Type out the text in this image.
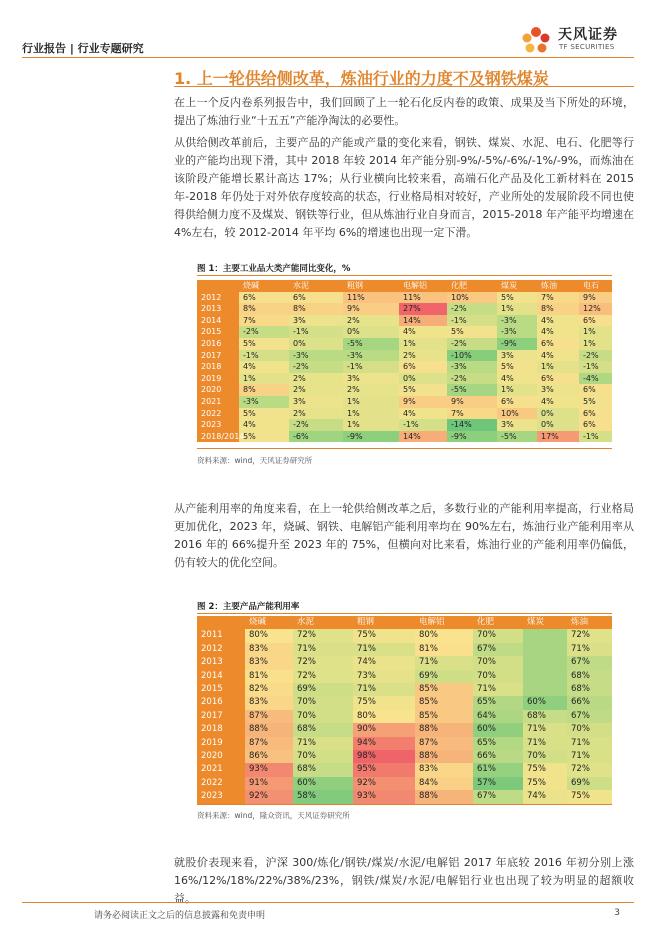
行业报告 | 行业专题研究
天风证券
TF SECURITIES
1. 上一轮供给侧改革，炼油行业的力度不及钢铁煤炭
在上一个反内卷系列报告中，我们回顾了上一轮石化反内卷的政策、成果及当下所处的环境，提出了炼油行业“十五五”产能净淘汰的必要性。
从供给侧改革前后，主要产品的产能或产量的变化来看，钢铁、煤炭、水泥、电石、化肥等行业的产能均出现下滑，其中 2018 年较 2014 年产能分别-9%/-5%/-6%/-1%/-9%，而炼油在该阶段产能增长累计高达 17%；从行业横向比较来看，高端石化产品及化工新材料在 2015 年-2018 年仍处于对外依存度较高的状态，行业格局相对较好，产业所处的发展阶段不同也使得供给侧力度不及煤炭、钢铁等行业，但从炼油行业自身而言，2015-2018 年产能平均增速在 4%左右，较 2012-2014 年平均 6%的增速也出现一定下滑。
图 1：主要工业品大类产能同比变化，%
	烧碱	水泥	粗钢	电解铝	化肥	煤炭	炼油	电石
2012	6%	6%	11%	11%	10%	5%	7%	9%
2013	8%	8%	9%	27%	-2%	1%	8%	12%
2014	7%	3%	2%	14%	-1%	-3%	4%	6%
2015	-2%	-1%	0%	4%	5%	-3%	4%	1%
2016	5%	0%	-5%	1%	-2%	-9%	6%	1%
2017	-1%	-3%	-3%	2%	-10%	3%	4%	-2%
2018	4%	-2%	-1%	6%	-3%	5%	1%	-1%
2019	1%	2%	3%	0%	-2%	4%	6%	-4%
2020	8%	2%	2%	5%	-5%	1%	3%	6%
2021	-3%	3%	1%	9%	9%	6%	4%	5%
2022	5%	2%	1%	4%	7%	10%	0%	6%
2023	4%	-2%	1%	-1%	-14%	3%	0%	6%
2018/2014	5%	-6%	-9%	14%	-9%	-5%	17%	-1%
资料来源：wind，天风证券研究所
从产能利用率的角度来看，在上一轮供给侧改革之后，多数行业的产能利用率提高，行业格局更加优化，2023 年，烧碱、钢铁、电解铝产能利用率均在 90%左右，炼油行业产能利用率从 2016 年的 66%提升至 2023 年的 75%，但横向对比来看，炼油行业的产能利用率仍偏低，仍有较大的优化空间。
图 2：主要产品产能利用率
	烧碱	水泥	粗钢	电解铝	化肥	煤炭	炼油
2011	80%	72%	75%	80%	70%		72%
2012	83%	71%	71%	81%	67%		71%
2013	83%	72%	74%	71%	70%		67%
2014	81%	72%	73%	69%	70%		68%
2015	82%	69%	71%	85%	71%		68%
2016	83%	70%	75%	85%	65%	60%	66%
2017	87%	70%	80%	85%	64%	68%	67%
2018	88%	68%	90%	88%	60%	71%	70%
2019	87%	71%	94%	87%	65%	71%	71%
2020	86%	70%	98%	88%	66%	70%	71%
2021	93%	68%	95%	83%	61%	75%	72%
2022	91%	60%	92%	84%	57%	75%	69%
2023	92%	58%	93%	88%	67%	74%	75%
资料来源：wind，隆众资讯，天风证券研究所
就股价表现来看，沪深 300/炼化/钢铁/煤炭/水泥/电解铝 2017 年底较 2016 年初分别上涨 16%/12%/18%/22%/38%/23%，钢铁/煤炭/水泥/电解铝行业也出现了较为明显的超额收益。
请务必阅读正文之后的信息披露和免责申明	3
